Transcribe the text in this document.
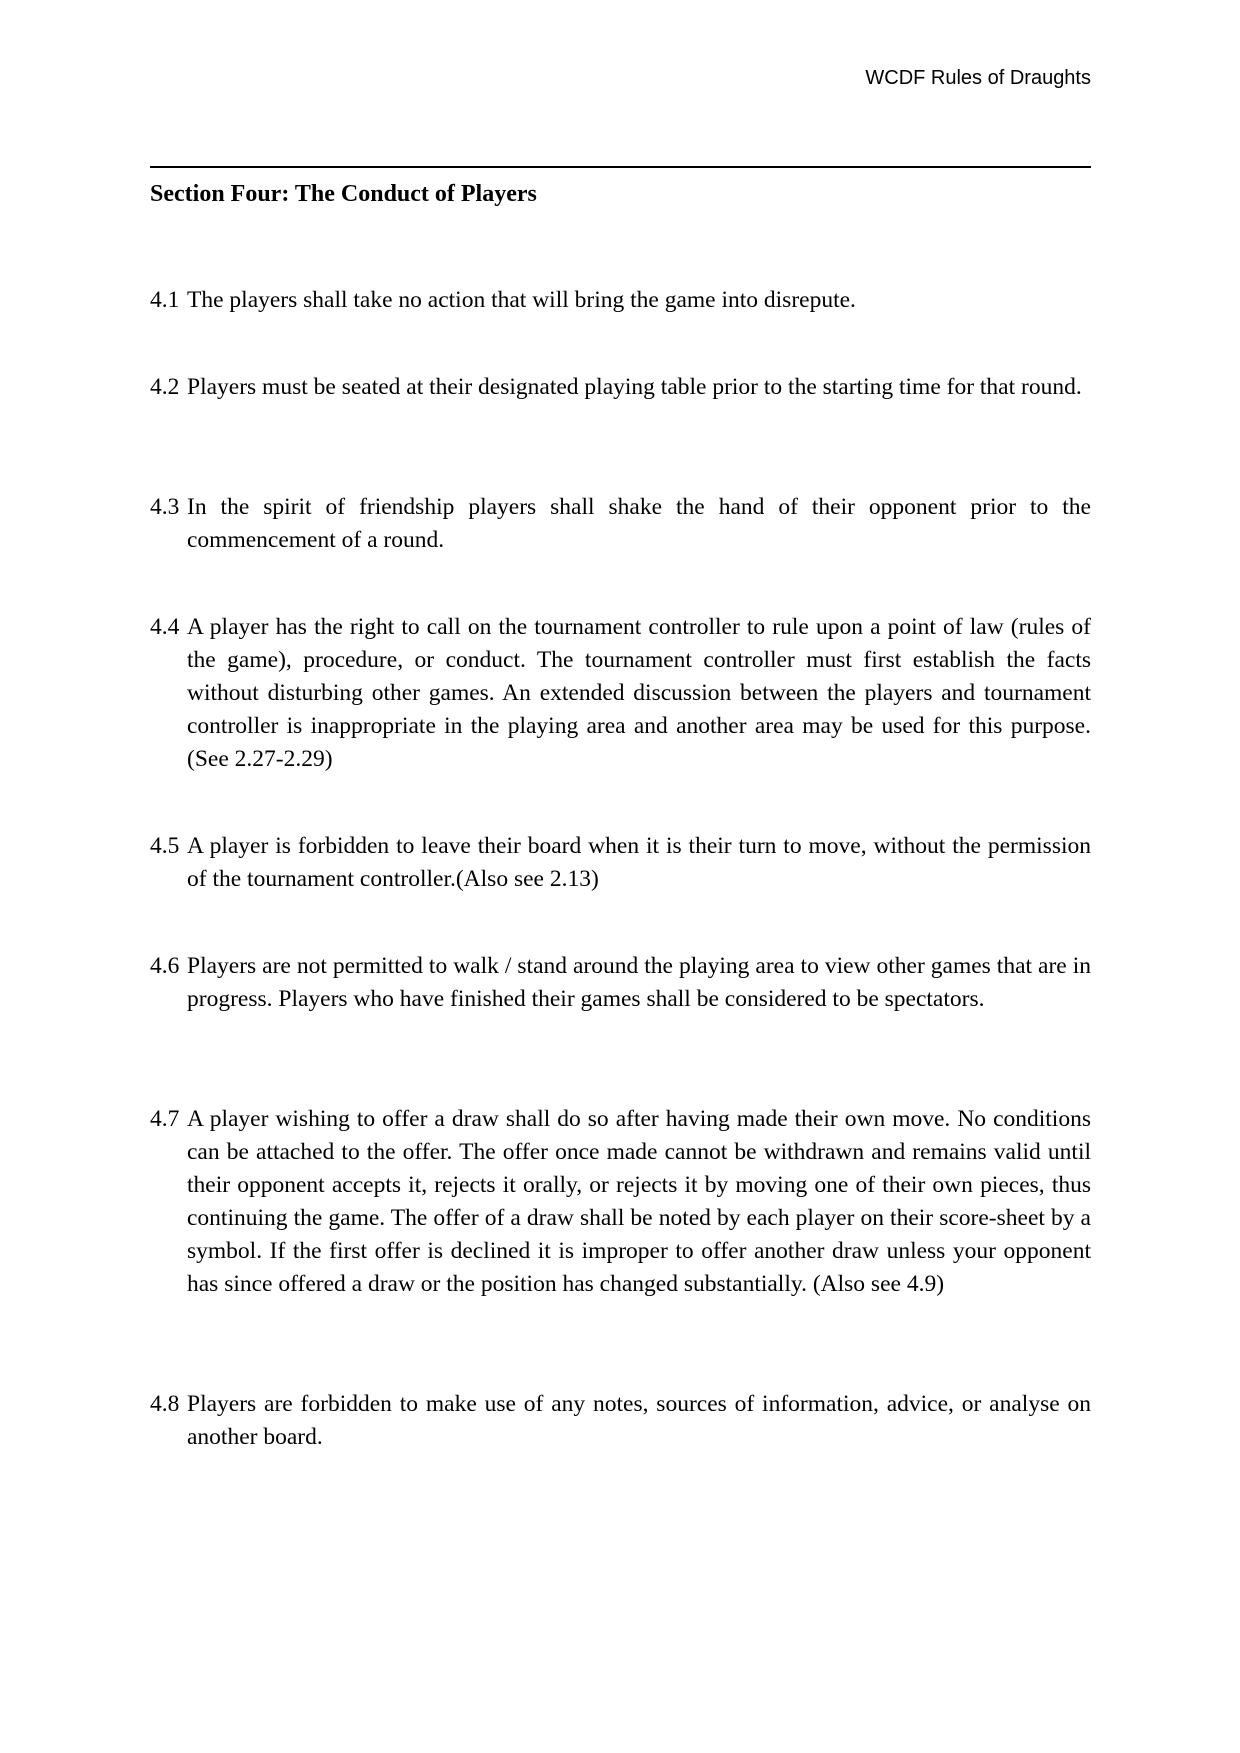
WCDF Rules of Draughts
Section Four: The Conduct of Players
4.1 The players shall take no action that will bring the game into disrepute.
4.2 Players must be seated at their designated playing table prior to the starting time for that round.
4.3 In the spirit of friendship players shall shake the hand of their opponent prior to the commencement of a round.
4.4 A player has the right to call on the tournament controller to rule upon a point of law (rules of the game), procedure, or conduct. The tournament controller must first establish the facts without disturbing other games. An extended discussion between the players and tournament controller is inappropriate in the playing area and another area may be used for this purpose. (See 2.27-2.29)
4.5 A player is forbidden to leave their board when it is their turn to move, without the permission of the tournament controller.(Also see 2.13)
4.6 Players are not permitted to walk / stand around the playing area to view other games that are in progress. Players who have finished their games shall be considered to be spectators.
4.7 A player wishing to offer a draw shall do so after having made their own move. No conditions can be attached to the offer. The offer once made cannot be withdrawn and remains valid until their opponent accepts it, rejects it orally, or rejects it by moving one of their own pieces, thus continuing the game. The offer of a draw shall be noted by each player on their score-sheet by a symbol. If the first offer is declined it is improper to offer another draw unless your opponent has since offered a draw or the position has changed substantially. (Also see 4.9)
4.8 Players are forbidden to make use of any notes, sources of information, advice, or analyse on another board.
